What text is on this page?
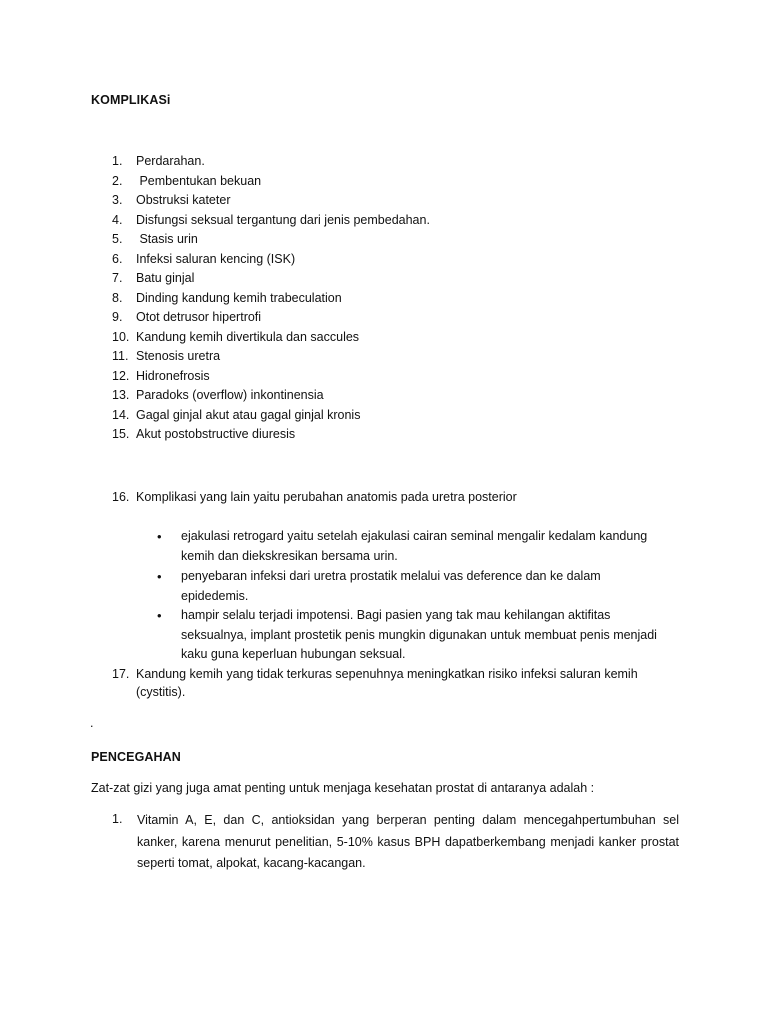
KOMPLIKASi
1. Perdarahan.
2. Pembentukan bekuan
3. Obstruksi kateter
4. Disfungsi seksual tergantung dari jenis pembedahan.
5. Stasis urin
6. Infeksi saluran kencing (ISK)
7. Batu ginjal
8. Dinding kandung kemih trabeculation
9. Otot detrusor hipertrofi
10. Kandung kemih divertikula dan saccules
11. Stenosis uretra
12. Hidronefrosis
13. Paradoks (overflow) inkontinensia
14. Gagal ginjal akut atau gagal ginjal kronis
15. Akut postobstructive diuresis
16. Komplikasi yang lain yaitu perubahan anatomis pada uretra posterior
• ejakulasi retrogard yaitu setelah ejakulasi cairan seminal mengalir kedalam kandung kemih dan diekskresikan bersama urin.
• penyebaran infeksi dari uretra prostatik melalui vas deference dan ke dalam epidedemis.
• hampir selalu terjadi impotensi. Bagi pasien yang tak mau kehilangan aktifitas seksualnya, implant prostetik penis mungkin digunakan untuk membuat penis menjadi kaku guna keperluan hubungan seksual.
17. Kandung kemih yang tidak terkuras sepenuhnya meningkatkan risiko infeksi saluran kemih
(cystitis).
.
PENCEGAHAN
Zat-zat gizi yang juga amat penting untuk menjaga kesehatan prostat di antaranya adalah :
1. Vitamin A, E, dan C, antioksidan yang berperan penting dalam mencegahpertumbuhan sel kanker, karena menurut penelitian, 5-10% kasus BPH dapatberkembang menjadi kanker prostat seperti tomat, alpokat, kacang-kacangan.
